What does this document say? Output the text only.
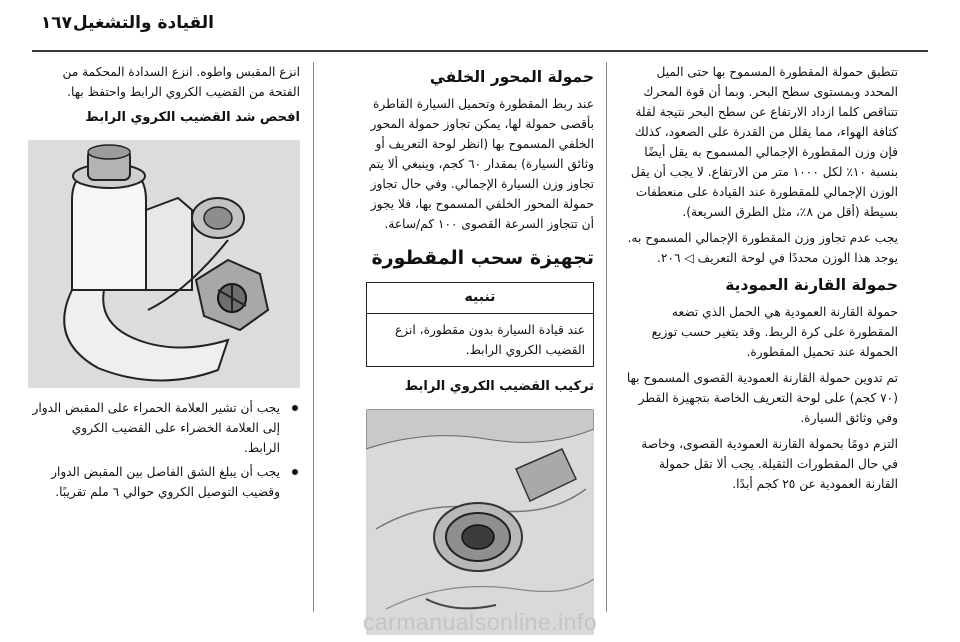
القيادة والتشغيل
١٦٧

تتطبق حمولة المقطورة المسموح بها حتى الميل المحدد وبمستوى سطح البحر. وبما أن قوة المحرك تتناقص كلما ازداد الارتفاع عن سطح البحر نتيجة لقلة كثافة الهواء، مما يقلل من القدرة على الصعود، كذلك فإن وزن المقطورة الإجمالي المسموح به يقل أيضًا بنسبة ١٠٪ لكل ١٠٠٠ متر من الارتفاع. لا يجب أن يقل الوزن الإجمالي للمقطورة عند القيادة على منعطفات بسيطة (أقل من ٨٪، مثل الطرق السريعة).

يجب عدم تجاوز وزن المقطورة الإجمالي المسموح به. يوجد هذا الوزن محددًا في لوحة التعريف ◁ ٢٠٦.

حمولة القارنة العمودية

حمولة القارنة العمودية هي الحمل الذي تضعه المقطورة على كرة الربط. وقد يتغير حسب توزيع الحمولة عند تحميل المقطورة.

تم تدوين حمولة القارنة العمودية القصوى المسموح بها (٧٠ كجم) على لوحة التعريف الخاصة بتجهيزة القطر وفي وثائق السيارة.

التزم دومًا بحمولة القارنة العمودية القصوى، وخاصة في حال المقطورات الثقيلة. يجب ألا تقل حمولة القارنة العمودية عن ٢٥ كجم أبدًا.

حمولة المحور الخلفي

عند ربط المقطورة وتحميل السيارة القاطرة بأقصى حمولة لها، يمكن تجاوز حمولة المحور الخلفي المسموح بها (انظر لوحة التعريف أو وثائق السيارة) بمقدار ٦٠ كجم، وينبغي ألا يتم تجاوز وزن السيارة الإجمالي. وفي حال تجاوز حمولة المحور الخلفي المسموح بها، فلا يجوز أن تتجاوز السرعة القصوى ١٠٠ كم/ساعة.

تجهيزة سحب المقطورة
تنبيه
عند قيادة السيارة بدون مقطورة، انزع القضيب الكروي الرابط.
تركيب القضيب الكروي الرابط

انزع المقبس واطوه. انزع السدادة المحكمة من الفتحة من القضيب الكروي الرابط واحتفظ بها.

افحص شد القضيب الكروي الرابط
يجب أن تشير العلامة الحمراء على المقبض الدوار إلى العلامة الخضراء على القضيب الكروي الرابط.
يجب أن يبلغ الشق الفاصل بين المقبض الدوار وقضيب التوصيل الكروي حوالي ٦ ملم تقريبًا.
carmanualsonline.info
